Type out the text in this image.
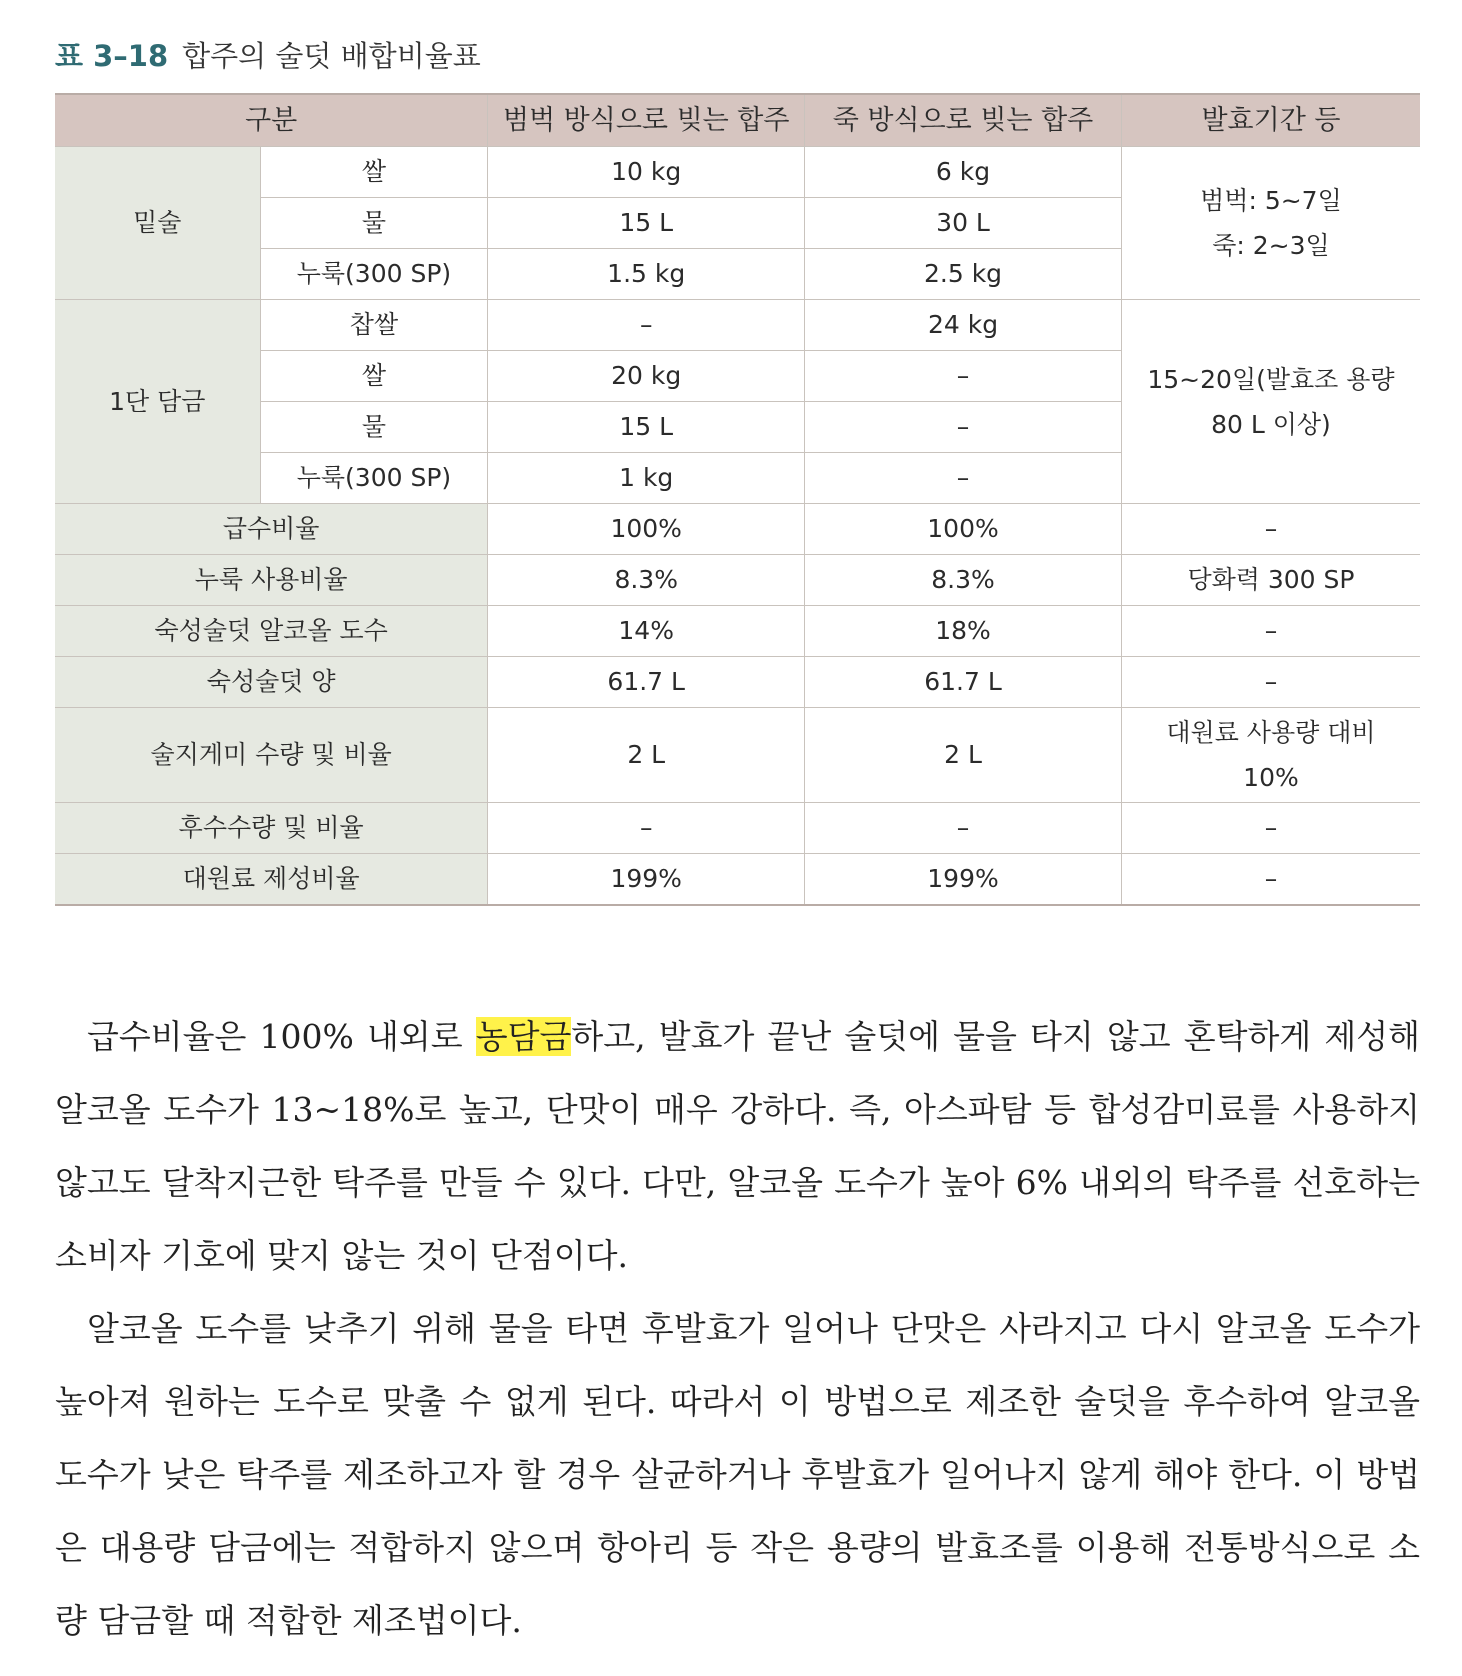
표 3–18 합주의 술덧 배합비율표
구분		범벅 방식으로 빚는 합주	죽 방식으로 빚는 합주	발효기간 등
밑술	쌀	10 kg	6 kg	범벅: 5~7일
죽: 2~3일

	물	15 L	30 L	
	누룩(300 SP)	1.5 kg	2.5 kg	
1단 담금	찹쌀	–	24 kg	15~20일(발효조 용량
80 L 이상)

	쌀	20 kg	–	
	물	15 L	–	
	누룩(300 SP)	1 kg	–	
급수비율		100%	100%	–
누룩 사용비율		8.3%	8.3%	당화력 300 SP
숙성술덧 알코올 도수		14%	18%	–
숙성술덧 양		61.7 L	61.7 L	–
술지게미 수량 및 비율		2 L	2 L	대원료 사용량 대비
10%

후수수량 및 비율		–	–	–
대원료 제성비율		199%	199%	–

급수비율은 100% 내외로 농담금하고, 발효가 끝난 술덧에 물을 타지 않고 혼탁하게 제성해 알코올 도수가 13~18%로 높고, 단맛이 매우 강하다. 즉, 아스파탐 등 합성감미료를 사용하지 않고도 달착지근한 탁주를 만들 수 있다. 다만, 알코올 도수가 높아 6% 내외의 탁주를 선호하는 소비자 기호에 맞지 않는 것이 단점이다.

알코올 도수를 낮추기 위해 물을 타면 후발효가 일어나 단맛은 사라지고 다시 알코올 도수가 높아져 원하는 도수로 맞출 수 없게 된다. 따라서 이 방법으로 제조한 술덧을 후수하여 알코올 도수가 낮은 탁주를 제조하고자 할 경우 살균하거나 후발효가 일어나지 않게 해야 한다. 이 방법은 대용량 담금에는 적합하지 않으며 항아리 등 작은 용량의 발효조를 이용해 전통방식으로 소량 담금할 때 적합한 제조법이다.
